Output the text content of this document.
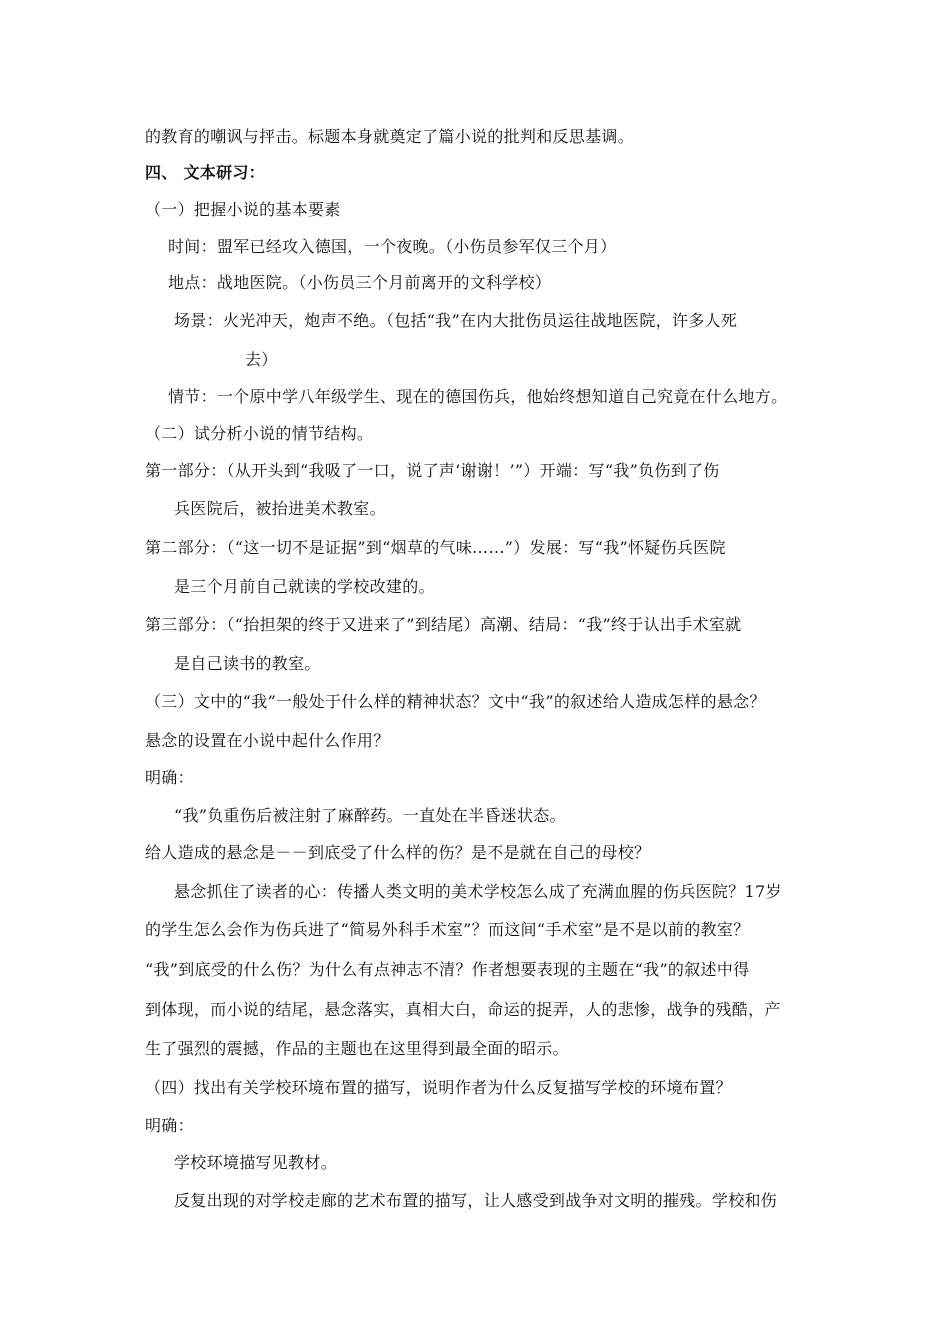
的教育的嘲讽与抨击。标题本身就奠定了篇小说的批判和反思基调。
四、 文本研习：
（一）把握小说的基本要素
时间：盟军已经攻入德国，一个夜晚。（小伤员参军仅三个月）
地点：战地医院。（小伤员三个月前离开的文科学校）
场景：火光冲天，炮声不绝。（包括“我”在内大批伤员运往战地医院，许多人死
去）
情节：一个原中学八年级学生、现在的德国伤兵，他始终想知道自己究竟在什么地方。
（二）试分析小说的情节结构。
第一部分：（从开头到“我吸了一口，说了声‘谢谢！’”）开端：写“我”负伤到了伤
兵医院后，被抬进美术教室。
第二部分：（“这一切不是证据”到“烟草的气味……”）发展：写“我”怀疑伤兵医院
是三个月前自己就读的学校改建的。
第三部分：（“抬担架的终于又进来了”到结尾）高潮、结局：“我”终于认出手术室就
是自己读书的教室。
（三）文中的“我”一般处于什么样的精神状态？文中“我”的叙述给人造成怎样的悬念？
悬念的设置在小说中起什么作用？
明确：
“我”负重伤后被注射了麻醉药。一直处在半昏迷状态。
给人造成的悬念是－－到底受了什么样的伤？是不是就在自己的母校？
悬念抓住了读者的心：传播人类文明的美术学校怎么成了充满血腥的伤兵医院？17岁
的学生怎么会作为伤兵进了“简易外科手术室”？而这间“手术室”是不是以前的教室？
“我”到底受的什么伤？为什么有点神志不清？作者想要表现的主题在“我”的叙述中得
到体现，而小说的结尾，悬念落实，真相大白，命运的捉弄，人的悲惨，战争的残酷，产
生了强烈的震撼，作品的主题也在这里得到最全面的昭示。
（四）找出有关学校环境布置的描写，说明作者为什么反复描写学校的环境布置？
明确：
学校环境描写见教材。
反复出现的对学校走廊的艺术布置的描写，让人感受到战争对文明的摧残。学校和伤
